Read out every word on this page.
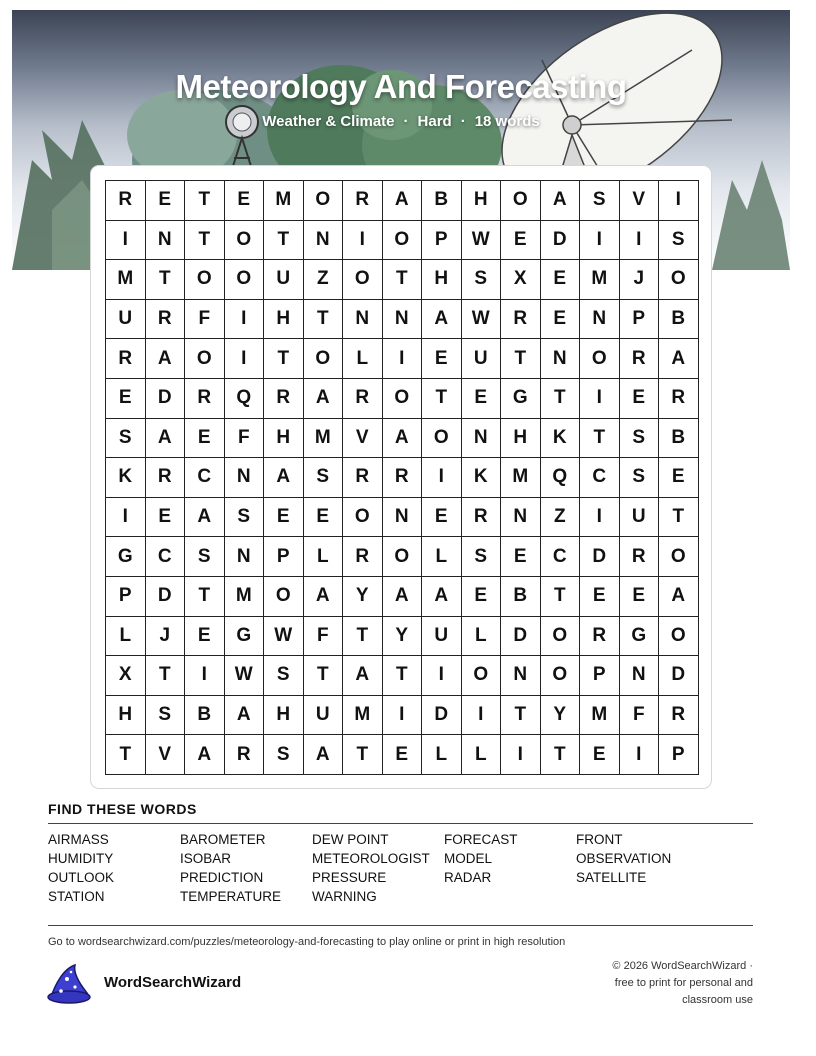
Meteorology And Forecasting
Weather & Climate · Hard · 18 words
R	E	T	E	M	O	R	A	B	H	O	A	S	V	I
I	N	T	O	T	N	I	O	P	W	E	D	I	I	S
M	T	O	O	U	Z	O	T	H	S	X	E	M	J	O
U	R	F	I	H	T	N	N	A	W	R	E	N	P	B
R	A	O	I	T	O	L	I	E	U	T	N	O	R	A
E	D	R	Q	R	A	R	O	T	E	G	T	I	E	R
S	A	E	F	H	M	V	A	O	N	H	K	T	S	B
K	R	C	N	A	S	R	R	I	K	M	Q	C	S	E
I	E	A	S	E	E	O	N	E	R	N	Z	I	U	T
G	C	S	N	P	L	R	O	L	S	E	C	D	R	O
P	D	T	M	O	A	Y	A	A	E	B	T	E	E	A
L	J	E	G	W	F	T	Y	U	L	D	O	R	G	O
X	T	I	W	S	T	A	T	I	O	N	O	P	N	D
H	S	B	A	H	U	M	I	D	I	T	Y	M	F	R
T	V	A	R	S	A	T	E	L	L	I	T	E	I	P
FIND THESE WORDS
AIRMASS	BAROMETER	DEW POINT	FORECAST	FRONT
HUMIDITY	ISOBAR	METEOROLOGIST	MODEL	OBSERVATION
OUTLOOK	PREDICTION	PRESSURE	RADAR	SATELLITE
STATION	TEMPERATURE	WARNING
Go to wordsearchwizard.com/puzzles/meteorology-and-forecasting to play online or print in high resolution
WordSearchWizard
© 2026 WordSearchWizard ·
free to print for personal and
classroom use
